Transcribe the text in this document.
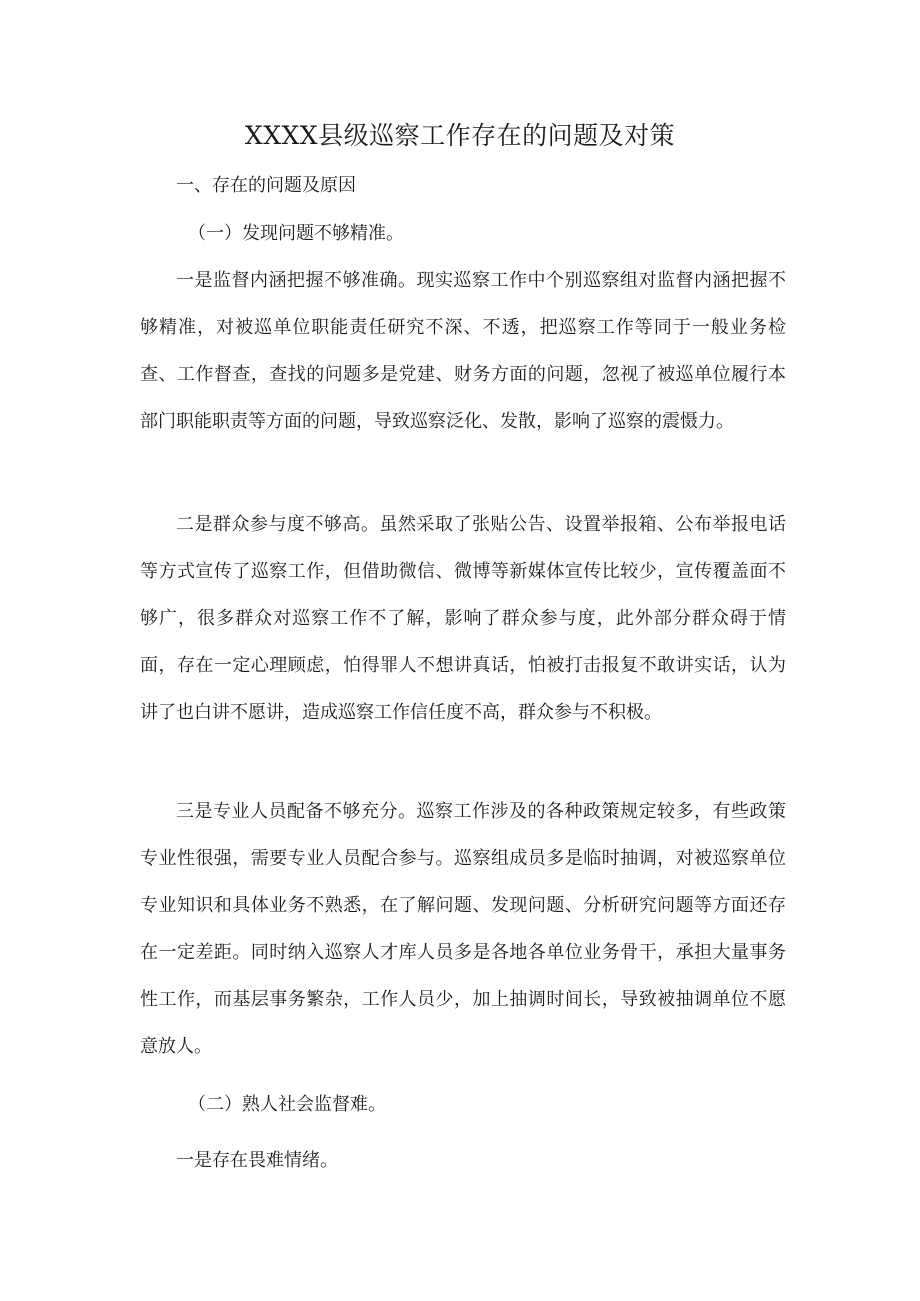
XXXX县级巡察工作存在的问题及对策
一、存在的问题及原因
（一）发现问题不够精准。

一是监督内涵把握不够准确。现实巡察工作中个别巡察组对监督内涵把握不够精准，对被巡单位职能责任研究不深、不透，把巡察工作等同于一般业务检查、工作督查，查找的问题多是党建、财务方面的问题，忽视了被巡单位履行本部门职能职责等方面的问题，导致巡察泛化、发散，影响了巡察的震慑力。

二是群众参与度不够高。虽然采取了张贴公告、设置举报箱、公布举报电话等方式宣传了巡察工作，但借助微信、微博等新媒体宣传比较少，宣传覆盖面不够广，很多群众对巡察工作不了解，影响了群众参与度，此外部分群众碍于情面，存在一定心理顾虑，怕得罪人不想讲真话，怕被打击报复不敢讲实话，认为讲了也白讲不愿讲，造成巡察工作信任度不高，群众参与不积极。

三是专业人员配备不够充分。巡察工作涉及的各种政策规定较多，有些政策专业性很强，需要专业人员配合参与。巡察组成员多是临时抽调，对被巡察单位专业知识和具体业务不熟悉，在了解问题、发现问题、分析研究问题等方面还存在一定差距。同时纳入巡察人才库人员多是各地各单位业务骨干，承担大量事务性工作，而基层事务繁杂，工作人员少，加上抽调时间长，导致被抽调单位不愿意放人。

（二）熟人社会监督难。

一是存在畏难情绪。
